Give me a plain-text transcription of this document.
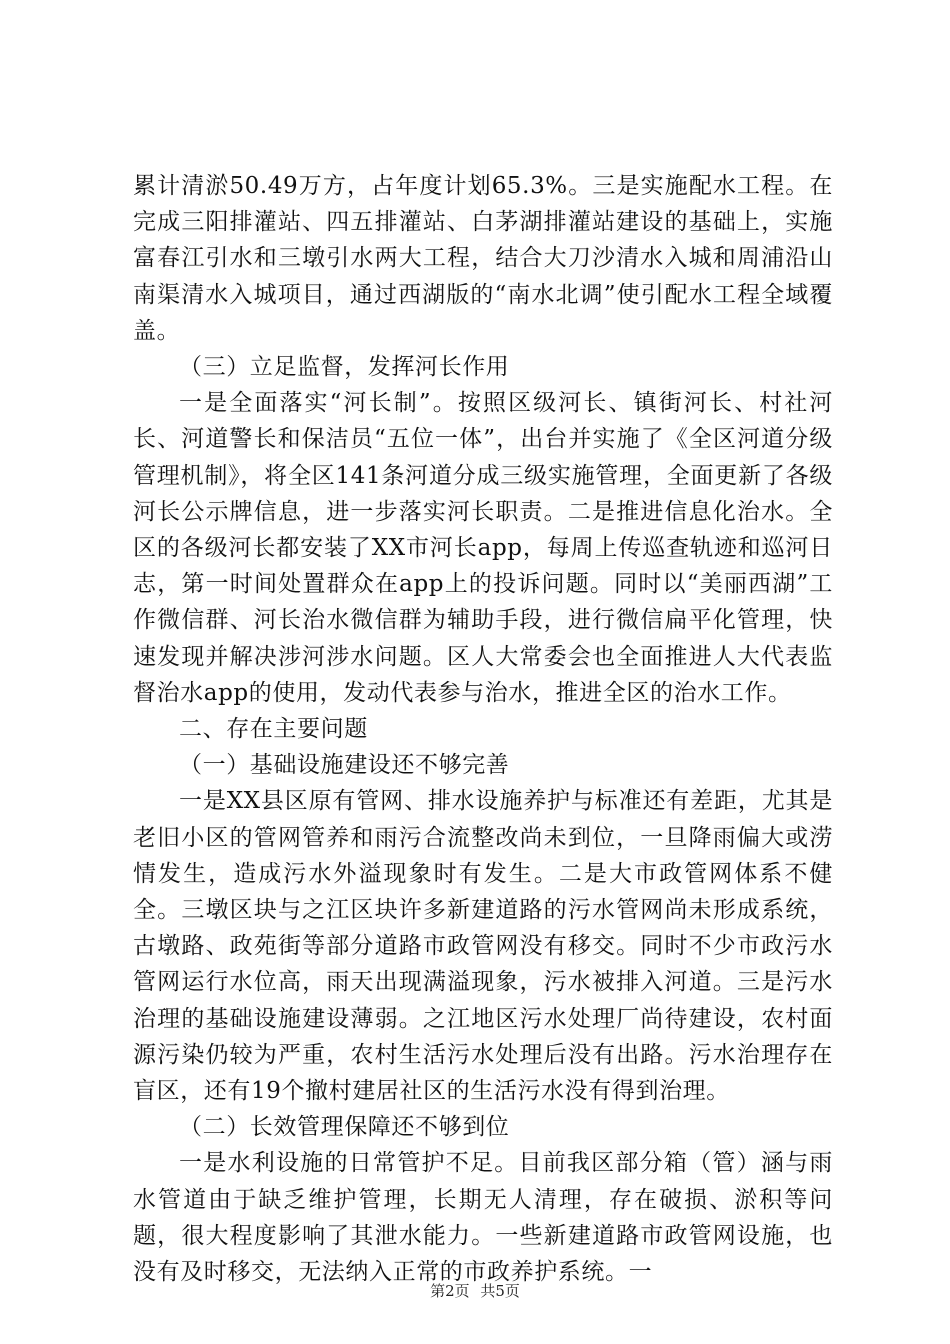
累计清淤50.49万方，占年度计划65.3%。三是实施配水工程。在完成三阳排灌站、四五排灌站、白茅湖排灌站建设的基础上，实施富春江引水和三墩引水两大工程，结合大刀沙清水入城和周浦沿山南渠清水入城项目，通过西湖版的“南水北调”使引配水工程全域覆盖。

（三）立足监督，发挥河长作用

一是全面落实“河长制”。按照区级河长、镇街河长、村社河长、河道警长和保洁员“五位一体”，出台并实施了《全区河道分级管理机制》，将全区141条河道分成三级实施管理，全面更新了各级河长公示牌信息，进一步落实河长职责。二是推进信息化治水。全区的各级河长都安装了XX市河长app，每周上传巡查轨迹和巡河日志，第一时间处置群众在app上的投诉问题。同时以“美丽西湖”工作微信群、河长治水微信群为辅助手段，进行微信扁平化管理，快速发现并解决涉河涉水问题。区人大常委会也全面推进人大代表监督治水app的使用，发动代表参与治水，推进全区的治水工作。

二、存在主要问题

（一）基础设施建设还不够完善

一是XX县区原有管网、排水设施养护与标准还有差距，尤其是老旧小区的管网管养和雨污合流整改尚未到位，一旦降雨偏大或涝情发生，造成污水外溢现象时有发生。二是大市政管网体系不健全。三墩区块与之江区块许多新建道路的污水管网尚未形成系统，古墩路、政苑街等部分道路市政管网没有移交。同时不少市政污水管网运行水位高，雨天出现满溢现象，污水被排入河道。三是污水治理的基础设施建设薄弱。之江地区污水处理厂尚待建设，农村面源污染仍较为严重，农村生活污水处理后没有出路。污水治理存在盲区，还有19个撤村建居社区的生活污水没有得到治理。

（二）长效管理保障还不够到位

一是水利设施的日常管护不足。目前我区部分箱（管）涵与雨水管道由于缺乏维护管理，长期无人清理，存在破损、淤积等问题，很大程度影响了其泄水能力。一些新建道路市政管网设施，也没有及时移交，无法纳入正常的市政养护系统。一

第2页 共5页
